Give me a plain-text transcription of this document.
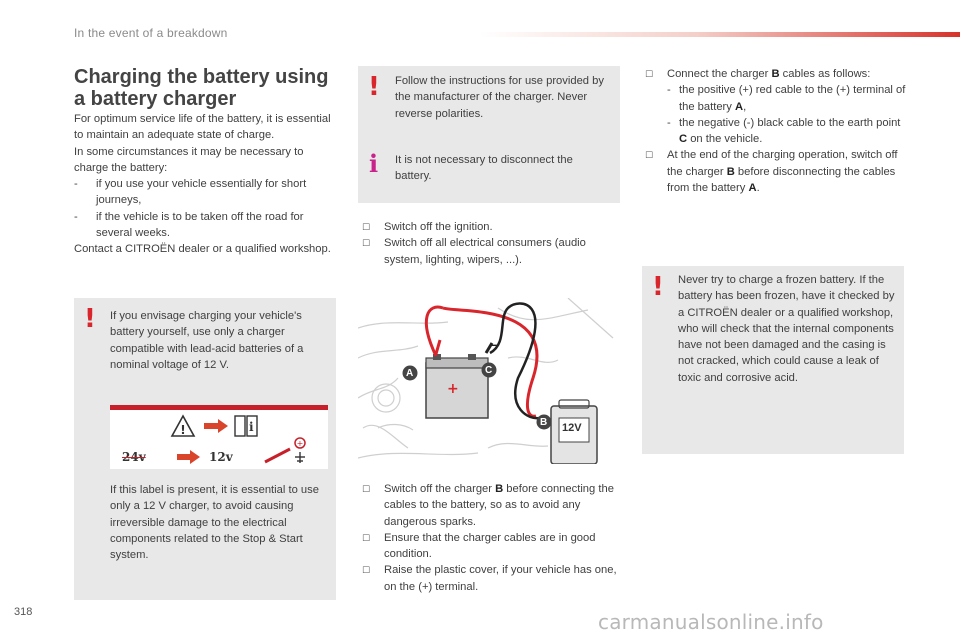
In the event of a breakdown
Charging the battery using
a battery charger

For optimum service life of the battery, it is essential to maintain an adequate state of charge.

In some circumstances it may be necessary to charge the battery:

- if you use your vehicle essentially for short journeys,
- if the vehicle is to be taken off the road for several weeks.

Contact a CITROËN dealer or a qualified workshop.

! If you envisage charging your vehicle's battery yourself, use only a charger compatible with lead-acid batteries of a nominal voltage of 12 V.
!	i
+
24v	12v
If this label is present, it is essential to use only a 12 V charger, to avoid causing irreversible damage to the electrical components related to the Stop & Start system.
! Follow the instructions for use provided by the manufacturer of the charger. Never reverse polarities.
i It is not necessary to disconnect the battery.
☐ Switch off the ignition.
☐ Switch off all electrical consumers (audio system, lighting, wipers, ...).
+
A	C
B 12V
–
☐ Switch off the charger B before connecting the cables to the battery, so as to avoid any dangerous sparks.
☐ Ensure that the charger cables are in good condition.
☐ Raise the plastic cover, if your vehicle has one, on the (+) terminal.
☐ Connect the charger B cables as follows:
- the positive (+) red cable to the (+) terminal of the battery A,
- the negative (-) black cable to the earth point C on the vehicle.
☐ At the end of the charging operation, switch off the charger B before disconnecting the cables from the battery A.
! Never try to charge a frozen battery. If the battery has been frozen, have it checked by a CITROËN dealer or a qualified workshop, who will check that the internal components have not been damaged and the casing is not cracked, which could cause a leak of toxic and corrosive acid.
318	carmanualsonline.info
